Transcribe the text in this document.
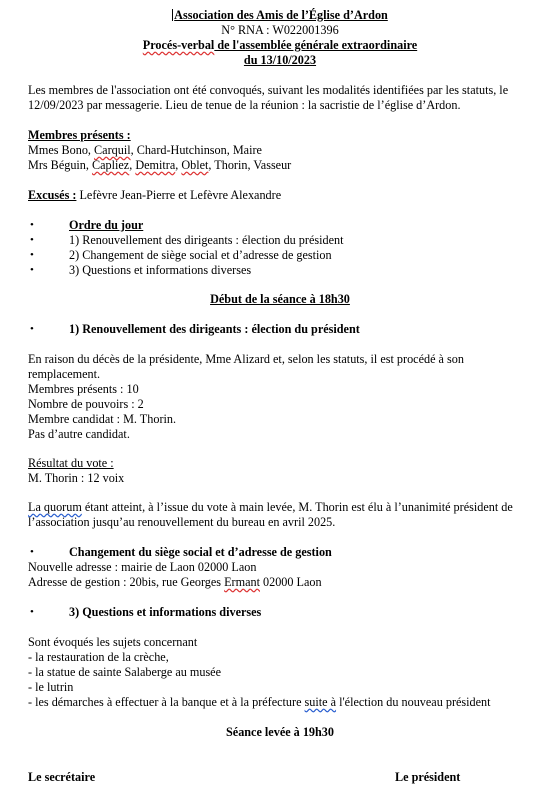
Association des Amis de l’Église d’Ardon
N° RNA : W022001396
Procés-verbal de l'assemblée générale extraordinaire
du 13/10/2023
Les membres de l'association ont été convoqués, suivant les modalités identifiées par les statuts, le
12/09/2023 par messagerie. Lieu de tenue de la réunion : la sacristie de l’église d’Ardon.
Membres présents :
Mmes Bono, Carquil, Chard-Hutchinson, Maire
Mrs Béguin, Capliez, Demitra, Oblet, Thorin, Vasseur
Excusés : Lefèvre Jean-Pierre et Lefèvre Alexandre
•	Ordre du jour
•	1) Renouvellement des dirigeants : élection du président
•	2) Changement de siège social et d’adresse de gestion
•	3) Questions et informations diverses
Début de la séance à 18h30
•	1) Renouvellement des dirigeants : élection du président
En raison du décès de la présidente, Mme Alizard et, selon les statuts, il est procédé à son
remplacement.
Membres présents : 10
Nombre de pouvoirs : 2
Membre candidat : M. Thorin.
Pas d’autre candidat.
Résultat du vote :
M. Thorin : 12 voix
La quorum étant atteint, à l’issue du vote à main levée, M. Thorin est élu à l’unanimité président de
l’association jusqu’au renouvellement du bureau en avril 2025.
•	Changement du siège social et d’adresse de gestion
Nouvelle adresse : mairie de Laon 02000 Laon
Adresse de gestion : 20bis, rue Georges Ermant 02000 Laon
•	3) Questions et informations diverses
Sont évoqués les sujets concernant
- la restauration de la crèche,
- la statue de sainte Salaberge au musée
- le lutrin
- les démarches à effectuer à la banque et à la préfecture suite à l'élection du nouveau président
Séance levée à 19h30
Le secrétaire	Le président
